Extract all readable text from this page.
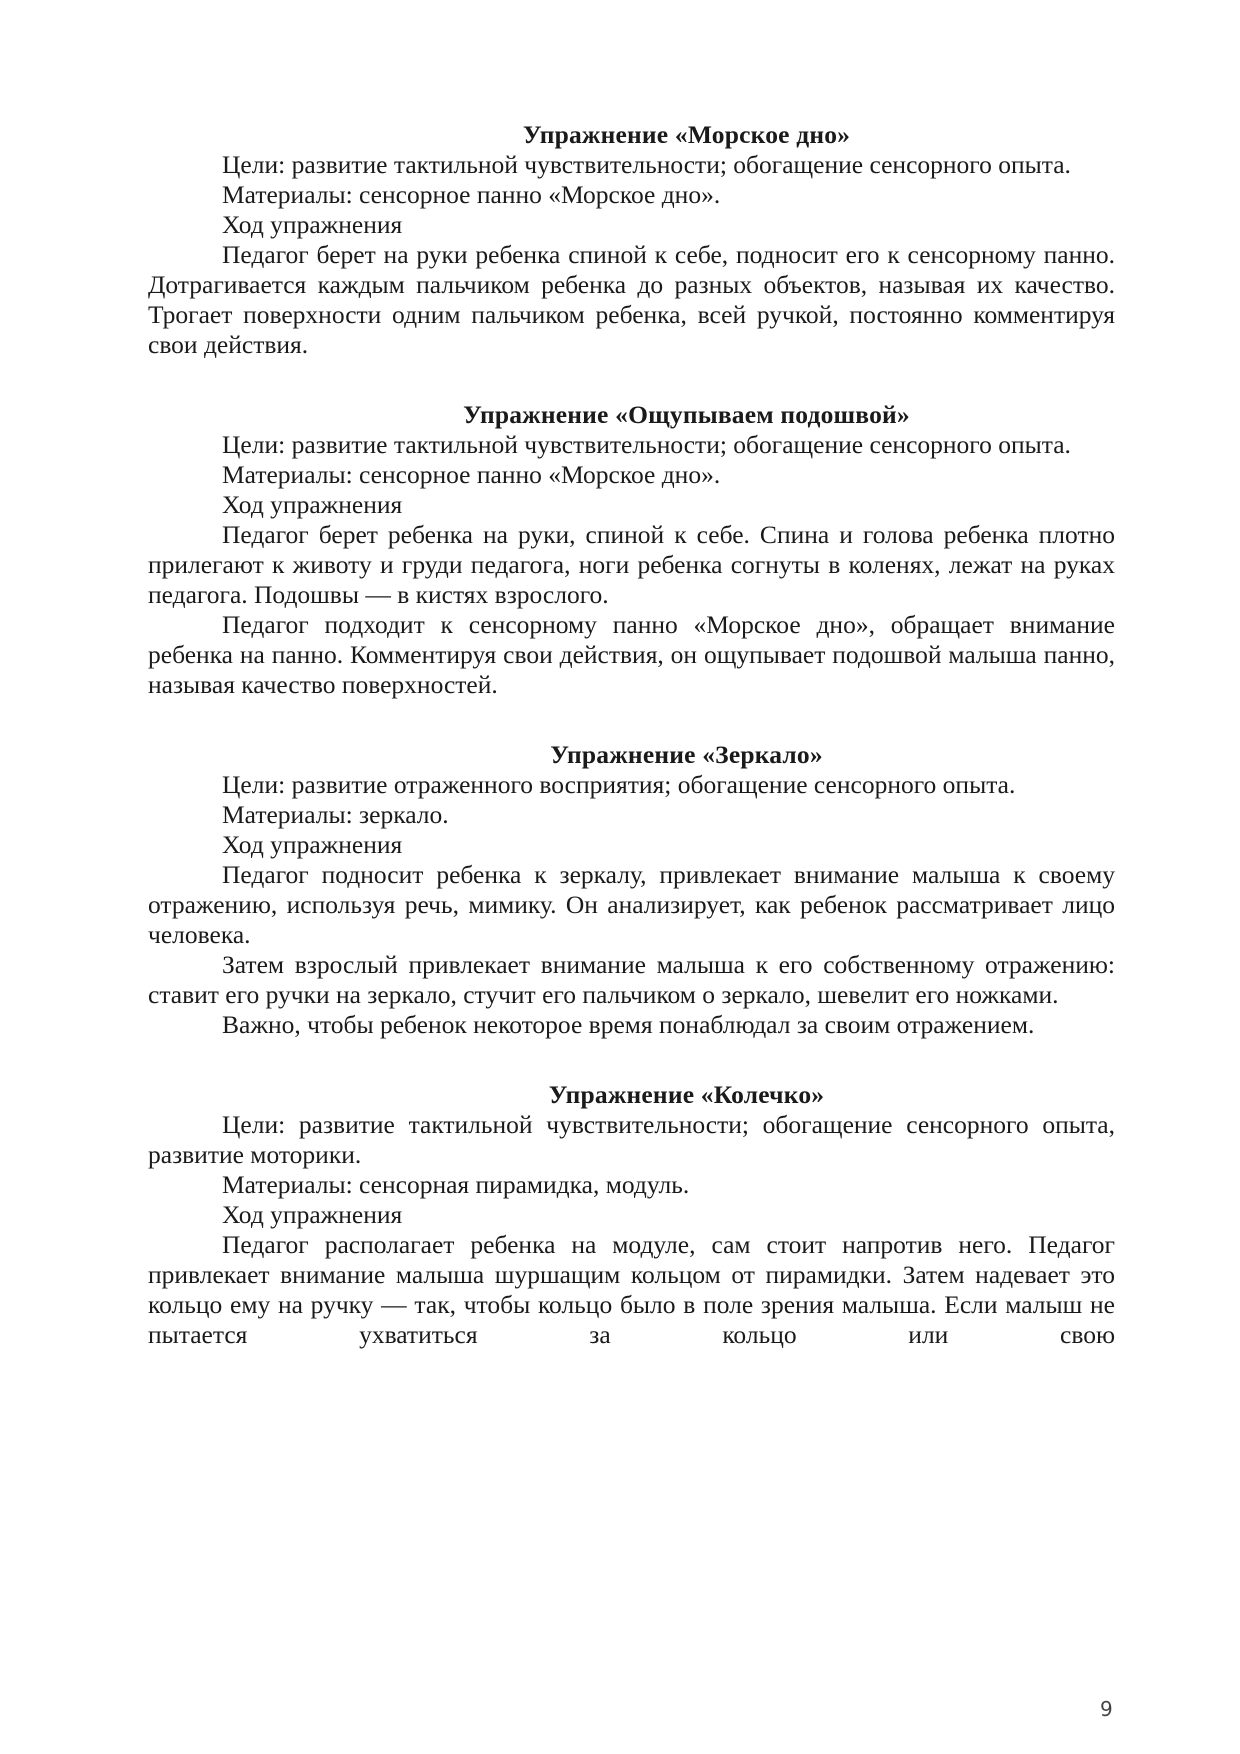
Упражнение «Морское дно»

Цели: развитие тактильной чувствительности; обогащение сенсорного опыта.

Материалы: сенсорное панно «Морское дно».

Ход упражнения

Педагог берет на руки ребенка спиной к себе, подносит его к сенсорному панно. Дотрагивается каждым пальчиком ребенка до разных объектов, называя их качество. Трогает поверхности одним пальчиком ребенка, всей ручкой, постоянно комментируя свои действия.

Упражнение «Ощупываем подошвой»

Цели: развитие тактильной чувствительности; обогащение сенсорного опыта.

Материалы: сенсорное панно «Морское дно».

Ход упражнения

Педагог берет ребенка на руки, спиной к себе. Спина и голова ребенка плотно прилегают к животу и груди педагога, ноги ребенка согнуты в коленях, лежат на руках педагога. Подошвы — в кистях взрослого.

Педагог подходит к сенсорному панно «Морское дно», обращает внимание ребенка на панно. Комментируя свои действия, он ощупывает подошвой малыша панно, называя качество поверхностей.

Упражнение «Зеркало»

Цели: развитие отраженного восприятия; обогащение сенсорного опыта.

Материалы: зеркало.

Ход упражнения

Педагог подносит ребенка к зеркалу, привлекает внимание малыша к своему отражению, используя речь, мимику. Он анализирует, как ребенок рассматривает лицо человека.

Затем взрослый привлекает внимание малыша к его собственному отражению: ставит его ручки на зеркало, стучит его пальчиком о зеркало, шевелит его ножками.

Важно, чтобы ребенок некоторое время понаблюдал за своим отражением.

Упражнение «Колечко»

Цели: развитие тактильной чувствительности; обогащение сенсорного опыта, развитие моторики.

Материалы: сенсорная пирамидка, модуль.

Ход упражнения

Педагог располагает ребенка на модуле, сам стоит напротив него. Педагог привлекает внимание малыша шуршащим кольцом от пирамидки. Затем надевает это кольцо ему на ручку — так, чтобы кольцо было в поле зрения малыша. Если малыш не пытается ухватиться за кольцо или свою

9
